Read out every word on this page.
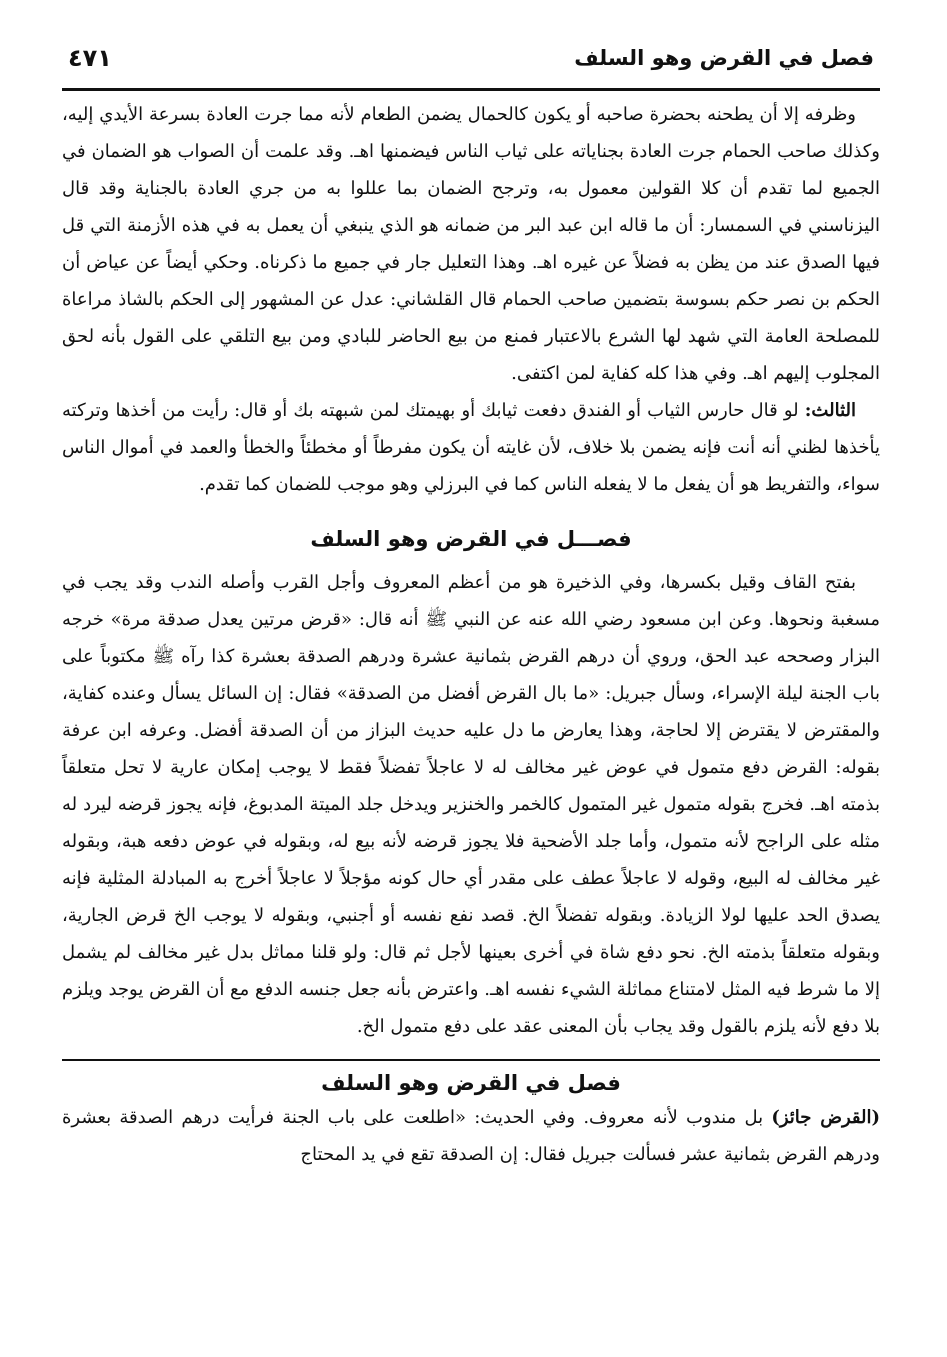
فصل في القرض وهو السلف
٤٧١

وظرفه إلا أن يطحنه بحضرة صاحبه أو يكون كالحمال يضمن الطعام لأنه مما جرت العادة بسرعة الأيدي إليه، وكذلك صاحب الحمام جرت العادة بجناياته على ثياب الناس فيضمنها اهـ. وقد علمت أن الصواب هو الضمان في الجميع لما تقدم أن كلا القولين معمول به، وترجح الضمان بما عللوا به من جري العادة بالجناية وقد قال اليزناسني في السمسار: أن ما قاله ابن عبد البر من ضمانه هو الذي ينبغي أن يعمل به في هذه الأزمنة التي قل فيها الصدق عند من يظن به فضلاً عن غيره اهـ. وهذا التعليل جار في جميع ما ذكرناه. وحكي أيضاً عن عياض أن الحكم بن نصر حكم بسوسة بتضمين صاحب الحمام قال القلشاني: عدل عن المشهور إلى الحكم بالشاذ مراعاة للمصلحة العامة التي شهد لها الشرع بالاعتبار فمنع من بيع الحاضر للبادي ومن بيع التلقي على القول بأنه لحق المجلوب إليهم اهـ. وفي هذا كله كفاية لمن اكتفى.

الثالث: لو قال حارس الثياب أو الفندق دفعت ثيابك أو بهيمتك لمن شبهته بك أو قال: رأيت من أخذها وتركته يأخذها لظني أنه أنت فإنه يضمن بلا خلاف، لأن غايته أن يكون مفرطاً أو مخطئاً والخطأ والعمد في أموال الناس سواء، والتفريط هو أن يفعل ما لا يفعله الناس كما في البرزلي وهو موجب للضمان كما تقدم.

فصـــل في القرض وهو السلف

بفتح القاف وقيل بكسرها، وفي الذخيرة هو من أعظم المعروف وأجل القرب وأصله الندب وقد يجب في مسغبة ونحوها. وعن ابن مسعود رضي الله عنه عن النبي ﷺ أنه قال: «قرض مرتين يعدل صدقة مرة» خرجه البزار وصححه عبد الحق، وروي أن درهم القرض بثمانية عشرة ودرهم الصدقة بعشرة كذا رآه ﷺ مكتوباً على باب الجنة ليلة الإسراء، وسأل جبريل: «ما بال القرض أفضل من الصدقة» فقال: إن السائل يسأل وعنده كفاية، والمقترض لا يقترض إلا لحاجة، وهذا يعارض ما دل عليه حديث البزاز من أن الصدقة أفضل. وعرفه ابن عرفة بقوله: القرض دفع متمول في عوض غير مخالف له لا عاجلاً تفضلاً فقط لا يوجب إمكان عارية لا تحل متعلقاً بذمته اهـ. فخرج بقوله متمول غير المتمول كالخمر والخنزير ويدخل جلد الميتة المدبوغ، فإنه يجوز قرضه ليرد له مثله على الراجح لأنه متمول، وأما جلد الأضحية فلا يجوز قرضه لأنه بيع له، وبقوله في عوض دفعه هبة، وبقوله غير مخالف له البيع، وقوله لا عاجلاً عطف على مقدر أي حال كونه مؤجلاً لا عاجلاً أخرج به المبادلة المثلية فإنه يصدق الحد عليها لولا الزيادة. وبقوله تفضلاً الخ. قصد نفع نفسه أو أجنبي، وبقوله لا يوجب الخ قرض الجارية، وبقوله متعلقاً بذمته الخ. نحو دفع شاة في أخرى بعينها لأجل ثم قال: ولو قلنا مماثل بدل غير مخالف لم يشمل إلا ما شرط فيه المثل لامتناع مماثلة الشيء نفسه اهـ. واعترض بأنه جعل جنسه الدفع مع أن القرض يوجد ويلزم بلا دفع لأنه يلزم بالقول وقد يجاب بأن المعنى عقد على دفع متمول الخ.

فصل في القرض وهو السلف
(القرض جائز) بل مندوب لأنه معروف. وفي الحديث: «اطلعت على باب الجنة فرأيت درهم الصدقة بعشرة ودرهم القرض بثمانية عشر فسألت جبريل فقال: إن الصدقة تقع في يد المحتاج
